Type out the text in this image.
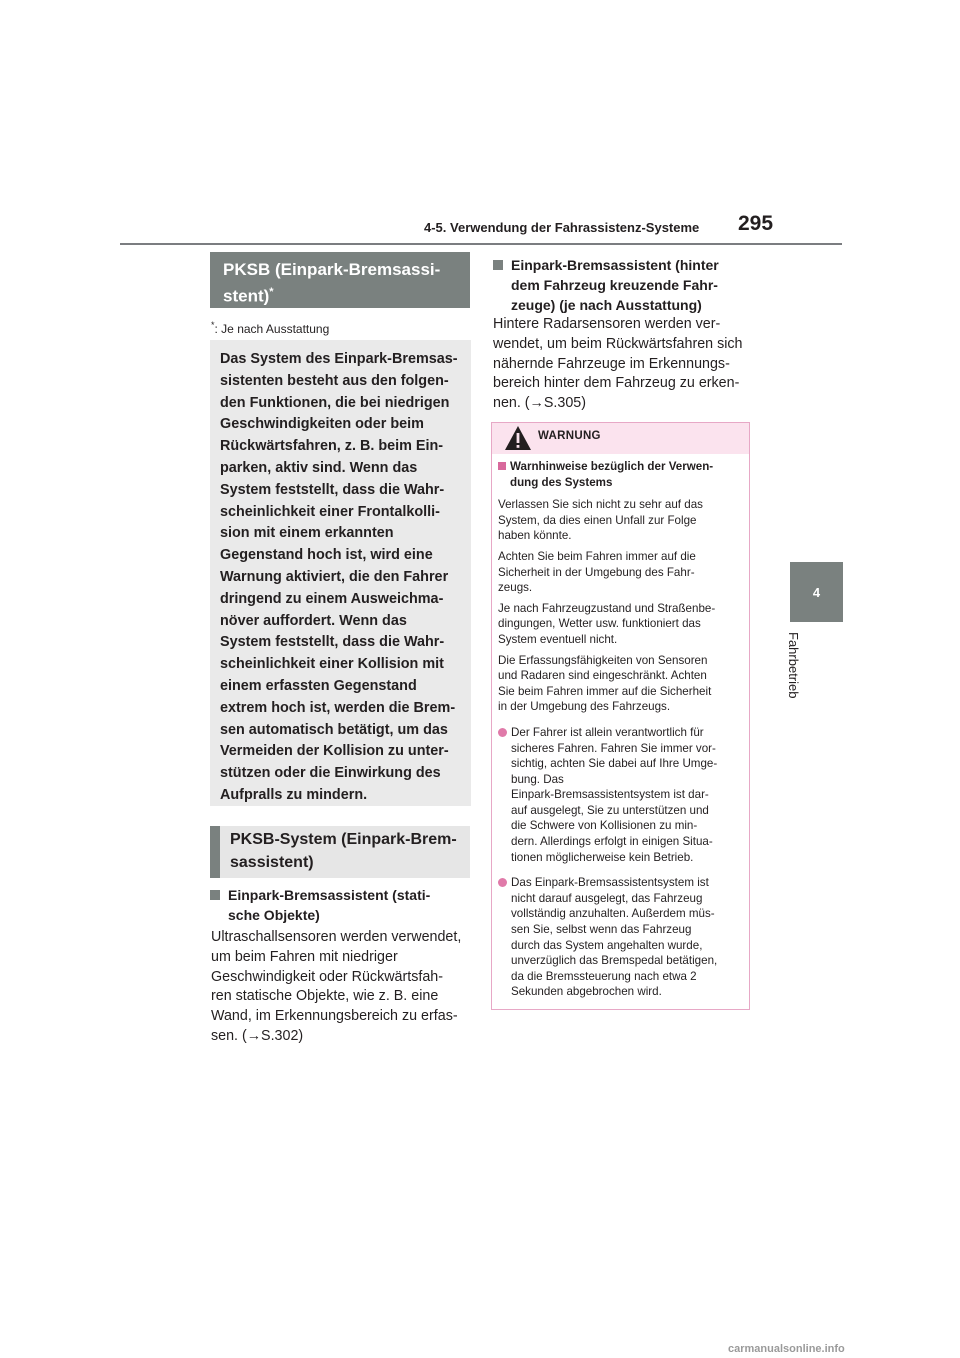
4-5. Verwendung der Fahrassistenz-Systeme 295
4
Fahrbetrieb
PKSB (Einpark-Bremsassi-
stent)*
*: Je nach Ausstattung
Das System des Einpark-Bremsas-
sistenten besteht aus den folgen-
den Funktionen, die bei niedrigen
Geschwindigkeiten oder beim
Rückwärtsfahren, z. B. beim Ein-
parken, aktiv sind. Wenn das
System feststellt, dass die Wahr-
scheinlichkeit einer Frontalkolli-
sion mit einem erkannten
Gegenstand hoch ist, wird eine
Warnung aktiviert, die den Fahrer
dringend zu einem Ausweichma-
növer auffordert. Wenn das
System feststellt, dass die Wahr-
scheinlichkeit einer Kollision mit
einem erfassten Gegenstand
extrem hoch ist, werden die Brem-
sen automatisch betätigt, um das
Vermeiden der Kollision zu unter-
stützen oder die Einwirkung des
Aufpralls zu mindern.
PKSB-System (Einpark-Brem-
sassistent)
Einpark-Bremsassistent (stati-

sche Objekte)
Ultraschallsensoren werden verwendet,
um beim Fahren mit niedriger
Geschwindigkeit oder Rückwärtsfah-
ren statische Objekte, wie z. B. eine
Wand, im Erkennungsbereich zu erfas-
sen. (→S.302)
Einpark-Bremsassistent (hinter

dem Fahrzeug kreuzende Fahr-
zeuge) (je nach Ausstattung)
Hintere Radarsensoren werden ver-
wendet, um beim Rückwärtsfahren sich
nähernde Fahrzeuge im Erkennungs-
bereich hinter dem Fahrzeug zu erken-
nen. (→S.305)
WARNUNG
Warnhinweise bezüglich der Verwen-
dung des Systems

Verlassen Sie sich nicht zu sehr auf das
System, da dies einen Unfall zur Folge
haben könnte.

Achten Sie beim Fahren immer auf die
Sicherheit in der Umgebung des Fahr-
zeugs.

Je nach Fahrzeugzustand und Straßenbe-
dingungen, Wetter usw. funktioniert das
System eventuell nicht.

Die Erfassungsfähigkeiten von Sensoren
und Radaren sind eingeschränkt. Achten
Sie beim Fahren immer auf die Sicherheit
in der Umgebung des Fahrzeugs.

Der Fahrer ist allein verantwortlich für
sicheres Fahren. Fahren Sie immer vor-
sichtig, achten Sie dabei auf Ihre Umge-
bung. Das
Einpark-Bremsassistentsystem ist dar-
auf ausgelegt, Sie zu unterstützen und
die Schwere von Kollisionen zu min-
dern. Allerdings erfolgt in einigen Situa-
tionen möglicherweise kein Betrieb.
Das Einpark-Bremsassistentsystem ist
nicht darauf ausgelegt, das Fahrzeug
vollständig anzuhalten. Außerdem müs-
sen Sie, selbst wenn das Fahrzeug
durch das System angehalten wurde,
unverzüglich das Bremspedal betätigen,
da die Bremssteuerung nach etwa 2
Sekunden abgebrochen wird.
carmanualsonline.info
